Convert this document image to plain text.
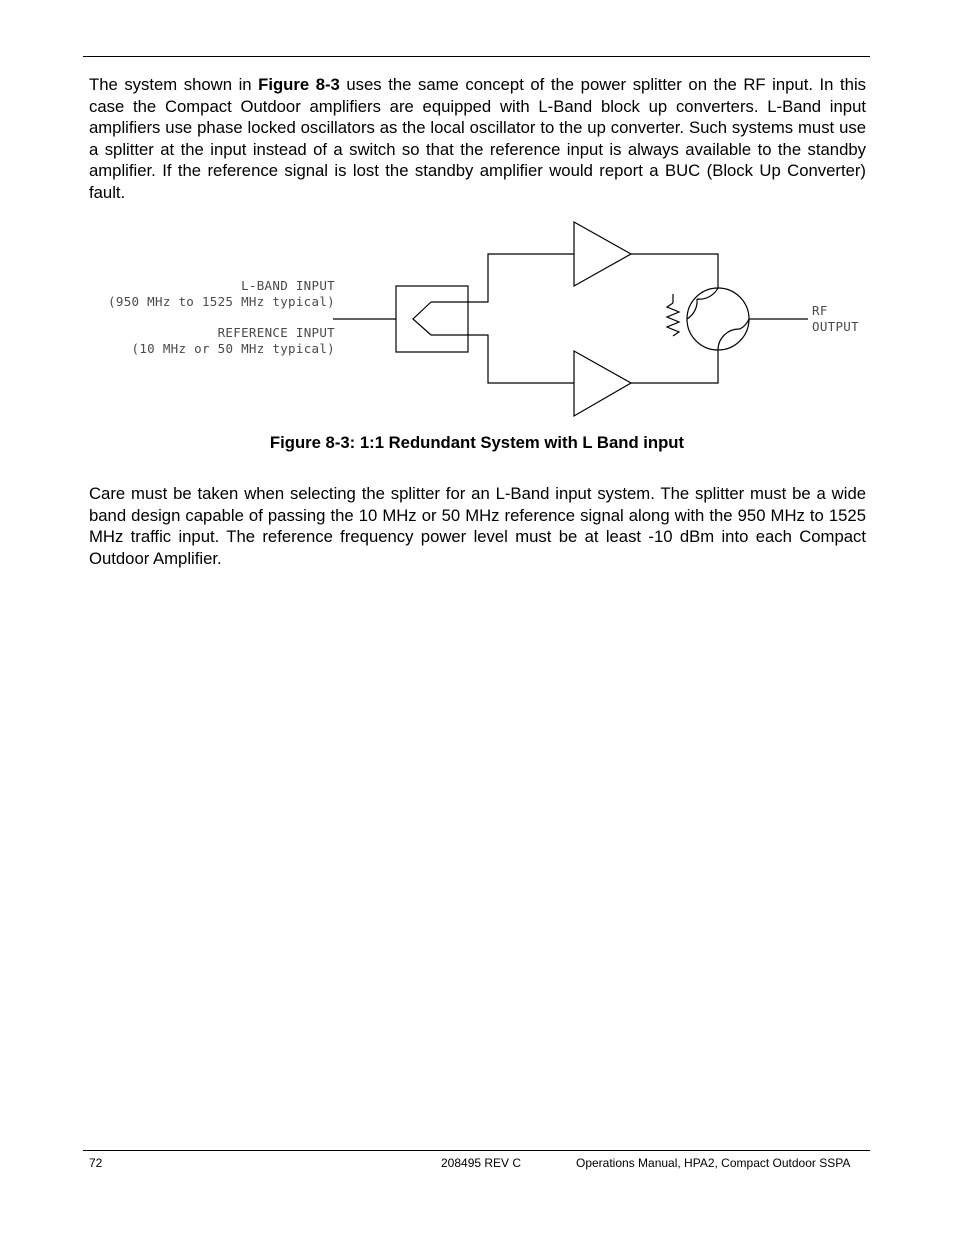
The system shown in Figure 8-3 uses the same concept of the power splitter on the RF input. In this case the Compact Outdoor amplifiers are equipped with L-Band block up converters. L-Band input amplifiers use phase locked oscillators as the local oscillator to the up converter. Such systems must use a splitter at the input instead of a switch so that the reference input is always available to the standby amplifier. If the reference signal is lost the standby amplifier would report a BUC (Block Up Converter) fault.

L-BAND INPUT
(950 MHz to 1525 MHz typical)
REFERENCE INPUT
(10 MHz or 50 MHz typical)
RF
OUTPUT
Figure 8-3: 1:1 Redundant System with L Band input

Care must be taken when selecting the splitter for an L-Band input system. The splitter must be a wide band design capable of passing the 10 MHz or 50 MHz reference signal along with the 950 MHz to 1525 MHz traffic input. The reference frequency power level must be at least -10 dBm into each Compact Outdoor Amplifier.

72	208495 REV C	Operations Manual, HPA2, Compact Outdoor SSPA
